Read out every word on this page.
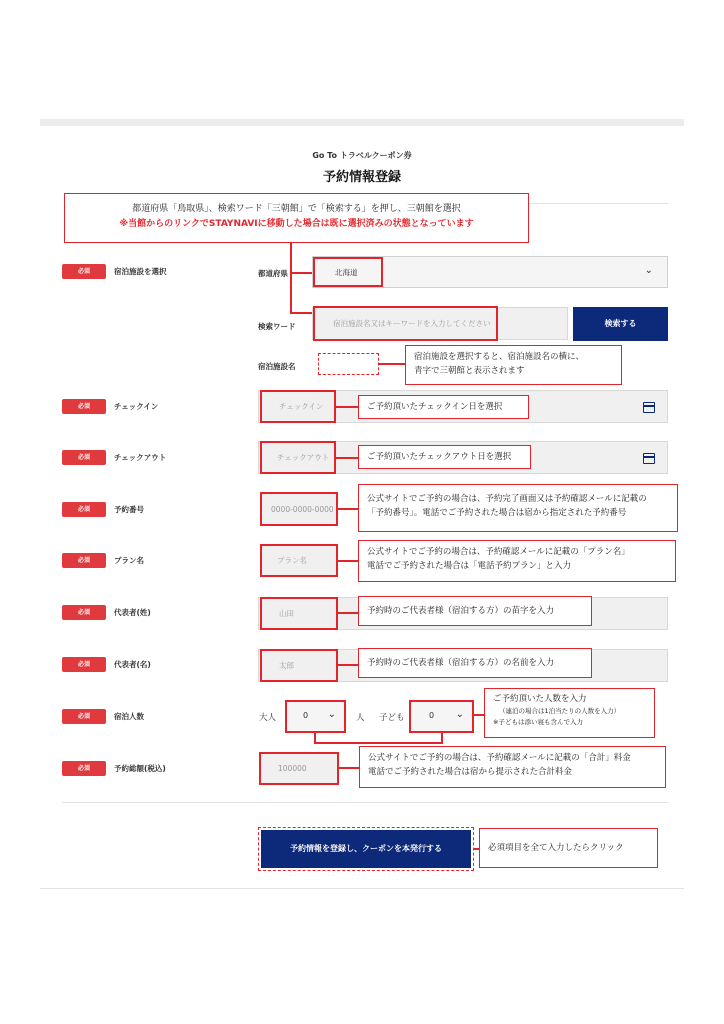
Go To トラベルクーポン券
予約情報登録
都道府県「鳥取県」、検索ワード「三朝館」で「検索する」を押し、三朝館を選択
※当館からのリンクでSTAYNAVIに移動した場合は既に選択済みの状態となっています
必須	宿泊施設を選択	都道府県	北海道	⌄
検索ワード	宿泊施設名又はキーワードを入力してください	検索する
宿泊施設名
宿泊施設を選択すると、宿泊施設名の横に、
青字で三朝館と表示されます
必須	チェックイン	チェックイン	ご予約頂いたチェックイン日を選択
必須	チェックアウト	チェックアウト	ご予約頂いたチェックアウト日を選択
必須	予約番号	0000-0000-0000
公式サイトでご予約の場合は、予約完了画面又は予約確認メールに記載の
「予約番号」。電話でご予約された場合は宿から指定された予約番号
必須	プラン名	プラン名
公式サイトでご予約の場合は、予約確認メールに記載の「プラン名」
電話でご予約された場合は「電話予約プラン」と入力
必須	代表者(姓)	山田	予約時のご代表者様（宿泊する方）の苗字を入力
必須	代表者(名)	太郎	予約時のご代表者様（宿泊する方）の名前を入力
必須	宿泊人数	大人	0 ⌄ 人 子ども	0 ⌄
ご予約頂いた人数を入力
（連泊の場合は1泊当たりの人数を入力）
※子どもは添い寝も含んで入力
必須	予約総額(税込)	100000
公式サイトでご予約の場合は、予約確認メールに記載の「合計」料金
電話でご予約された場合は宿から提示された合計料金
予約情報を登録し、クーポンを本発行する	必須項目を全て入力したらクリック
